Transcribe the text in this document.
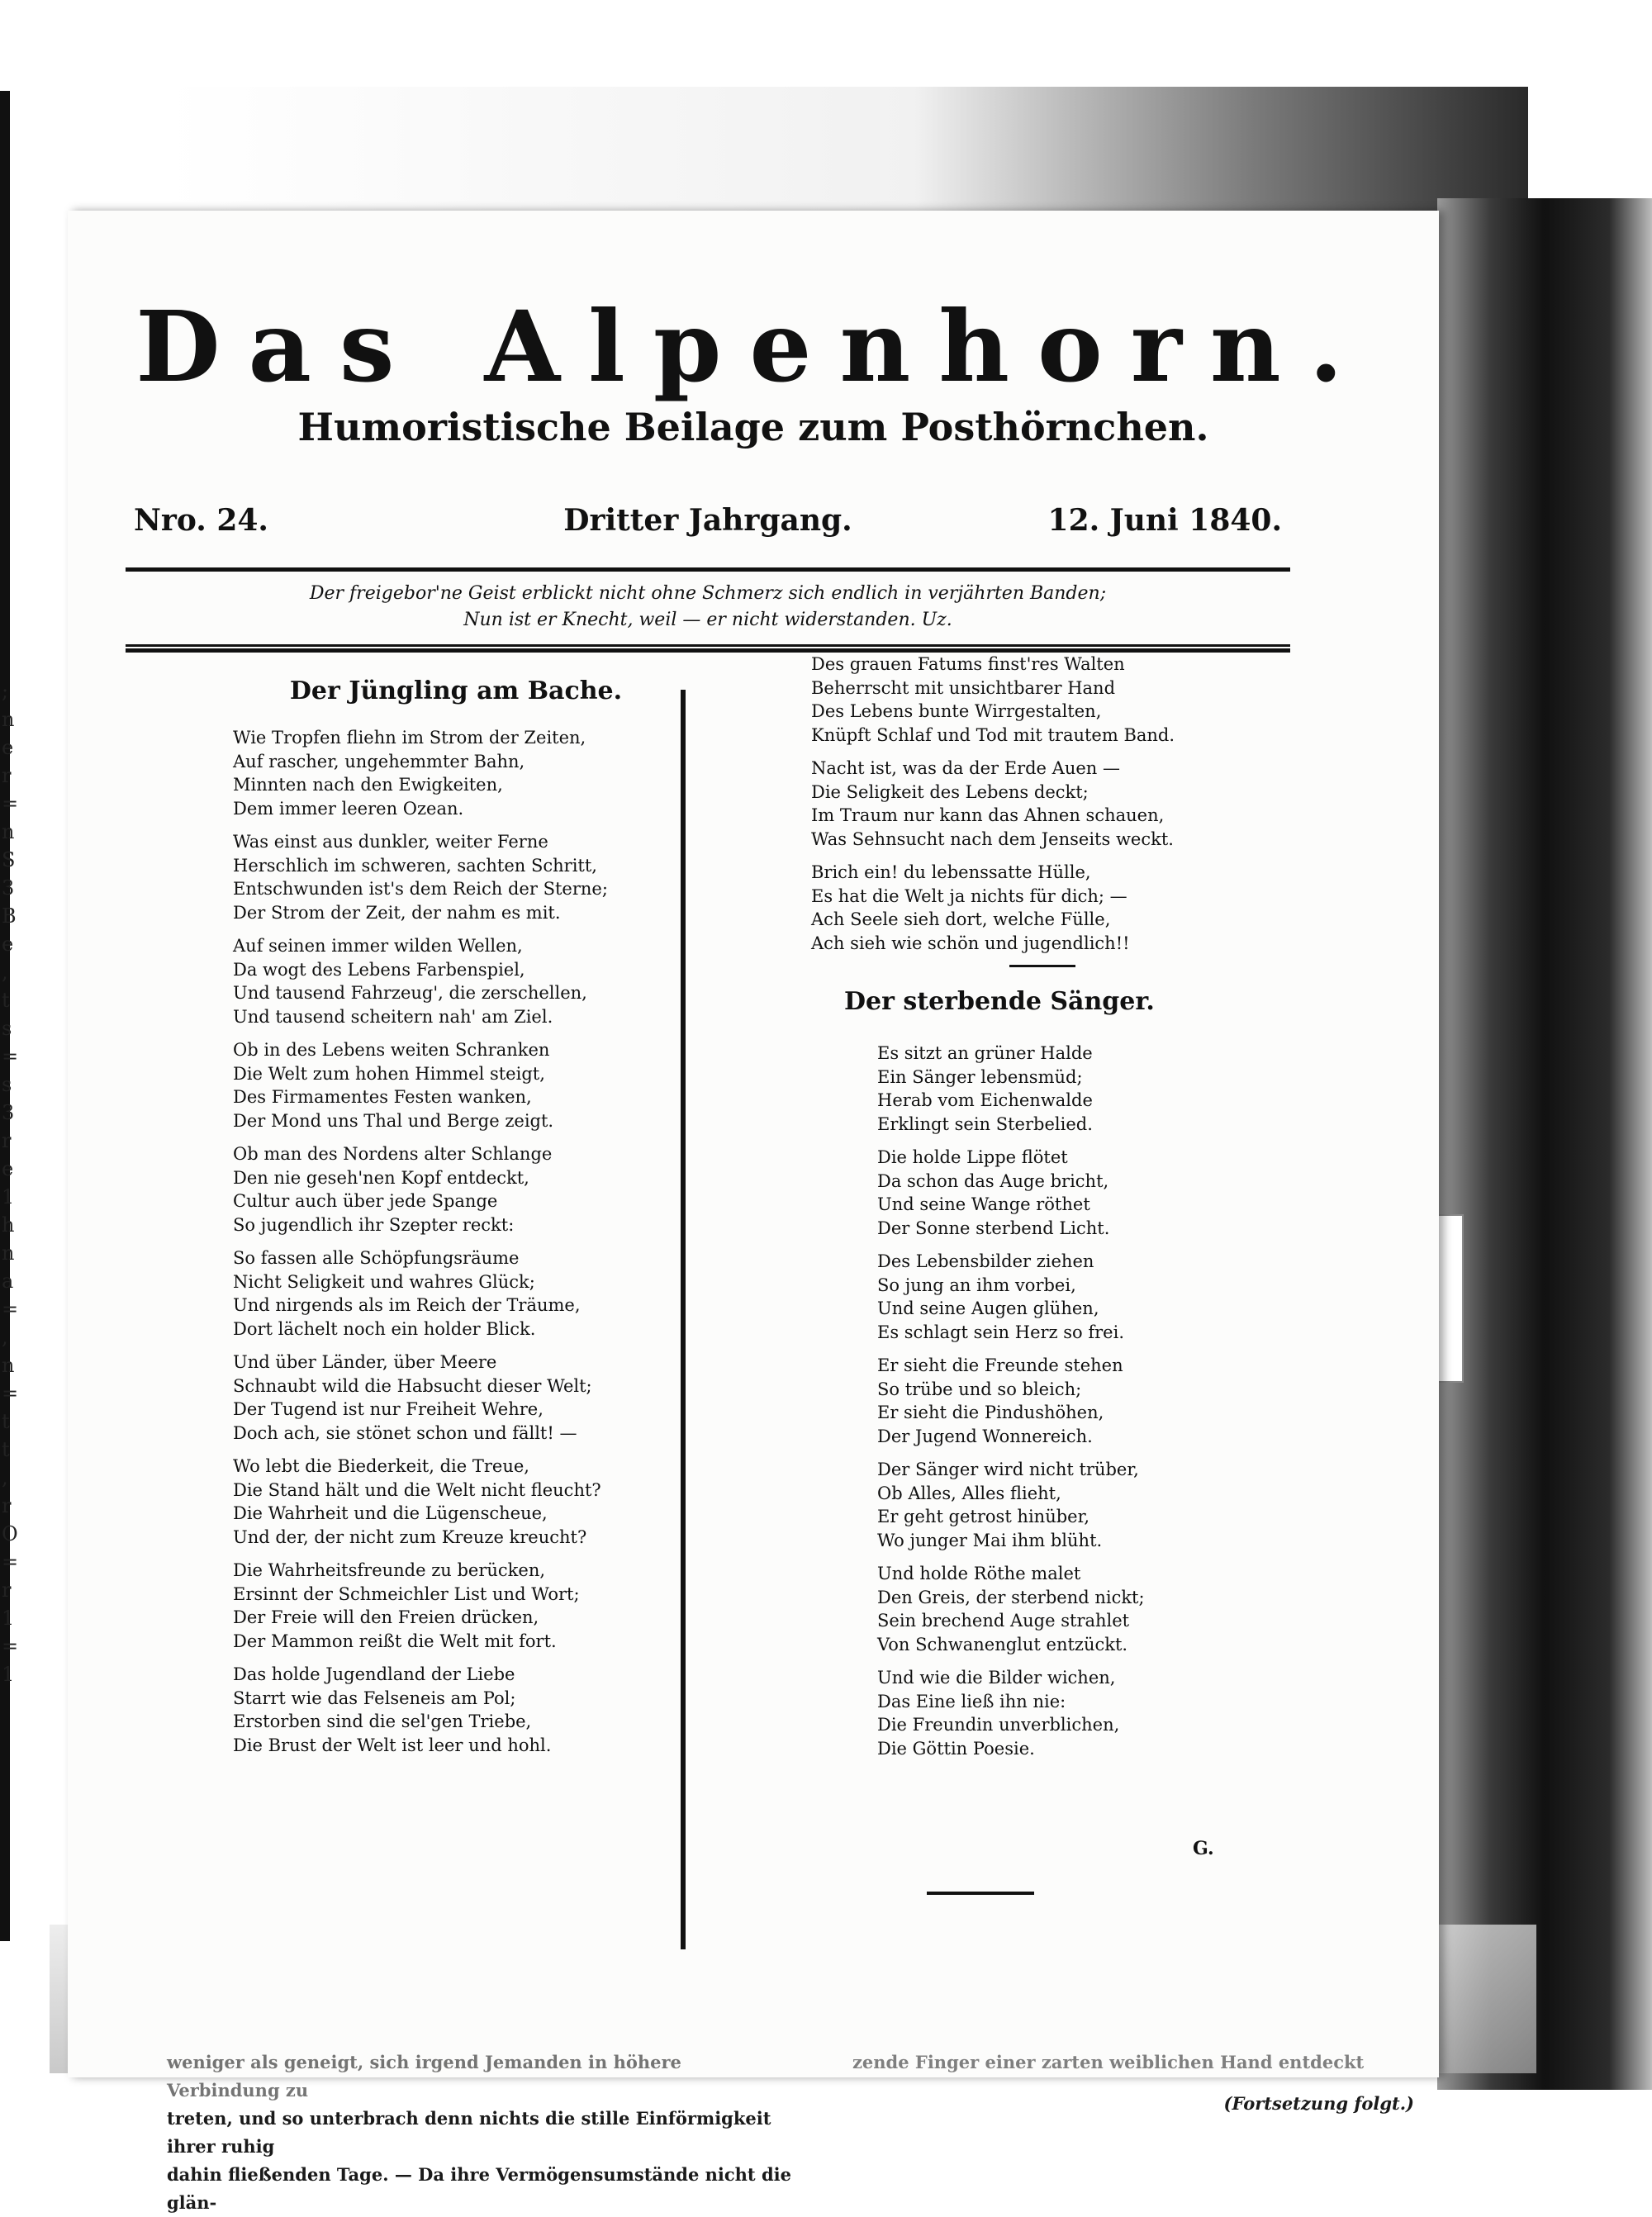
;
n
e
r
=
n
S
3
B
e
,
t
s
=
s
3
r
e
1
h
n
a
=
,
n
=
t
t
,
r
O
=
r
1
=
1
Das Alpenhorn.
Humoristische Beilage zum Posthörnchen.
Nro. 24.	Dritter Jahrgang.	12. Juni 1840.
Der freigebor'ne Geist erblickt nicht ohne Schmerz sich endlich in verjährten Banden;
Nun ist er Knecht, weil — er nicht widerstanden. Uz.
Der Jüngling am Bache.
Wie Tropfen fliehn im Strom der Zeiten,
Auf rascher, ungehemmter Bahn,
Minnten nach den Ewigkeiten,
Dem immer leeren Ozean.
Was einst aus dunkler, weiter Ferne
Herschlich im schweren, sachten Schritt,
Entschwunden ist's dem Reich der Sterne;
Der Strom der Zeit, der nahm es mit.
Auf seinen immer wilden Wellen,
Da wogt des Lebens Farbenspiel,
Und tausend Fahrzeug', die zerschellen,
Und tausend scheitern nah' am Ziel.
Ob in des Lebens weiten Schranken
Die Welt zum hohen Himmel steigt,
Des Firmamentes Festen wanken,
Der Mond uns Thal und Berge zeigt.
Ob man des Nordens alter Schlange
Den nie geseh'nen Kopf entdeckt,
Cultur auch über jede Spange
So jugendlich ihr Szepter reckt:
So fassen alle Schöpfungsräume
Nicht Seligkeit und wahres Glück;
Und nirgends als im Reich der Träume,
Dort lächelt noch ein holder Blick.
Und über Länder, über Meere
Schnaubt wild die Habsucht dieser Welt;
Der Tugend ist nur Freiheit Wehre,
Doch ach, sie stönet schon und fällt! —
Wo lebt die Biederkeit, die Treue,
Die Stand hält und die Welt nicht fleucht?
Die Wahrheit und die Lügenscheue,
Und der, der nicht zum Kreuze kreucht?
Die Wahrheitsfreunde zu berücken,
Ersinnt der Schmeichler List und Wort;
Der Freie will den Freien drücken,
Der Mammon reißt die Welt mit fort.
Das holde Jugendland der Liebe
Starrt wie das Felseneis am Pol;
Erstorben sind die sel'gen Triebe,
Die Brust der Welt ist leer und hohl.
Des grauen Fatums finst'res Walten
Beherrscht mit unsichtbarer Hand
Des Lebens bunte Wirrgestalten,
Knüpft Schlaf und Tod mit trautem Band.
Nacht ist, was da der Erde Auen —
Die Seligkeit des Lebens deckt;
Im Traum nur kann das Ahnen schauen,
Was Sehnsucht nach dem Jenseits weckt.
Brich ein! du lebenssatte Hülle,
Es hat die Welt ja nichts für dich; —
Ach Seele sieh dort, welche Fülle,
Ach sieh wie schön und jugendlich!!
Der sterbende Sänger.
Es sitzt an grüner Halde
Ein Sänger lebensmüd;
Herab vom Eichenwalde
Erklingt sein Sterbelied.
Die holde Lippe flötet
Da schon das Auge bricht,
Und seine Wange röthet
Der Sonne sterbend Licht.
Des Lebensbilder ziehen
So jung an ihm vorbei,
Und seine Augen glühen,
Es schlagt sein Herz so frei.
Er sieht die Freunde stehen
So trübe und so bleich;
Er sieht die Pindushöhen,
Der Jugend Wonnereich.
Der Sänger wird nicht trüber,
Ob Alles, Alles flieht,
Er geht getrost hinüber,
Wo junger Mai ihm blüht.
Und holde Röthe malet
Den Greis, der sterbend nickt;
Sein brechend Auge strahlet
Von Schwanenglut entzückt.
Und wie die Bilder wichen,
Das Eine ließ ihn nie:
Die Freundin unverblichen,
Die Göttin Poesie.
G.
weniger als geneigt, sich irgend Jemanden in höhere Verbindung zu
treten, und so unterbrach denn nichts die stille Einförmigkeit ihrer ruhig
dahin fließenden Tage. — Da ihre Vermögensumstände nicht die glän-
zende Finger einer zarten weiblichen Hand entdeckt
(Fortsetzung folgt.)
